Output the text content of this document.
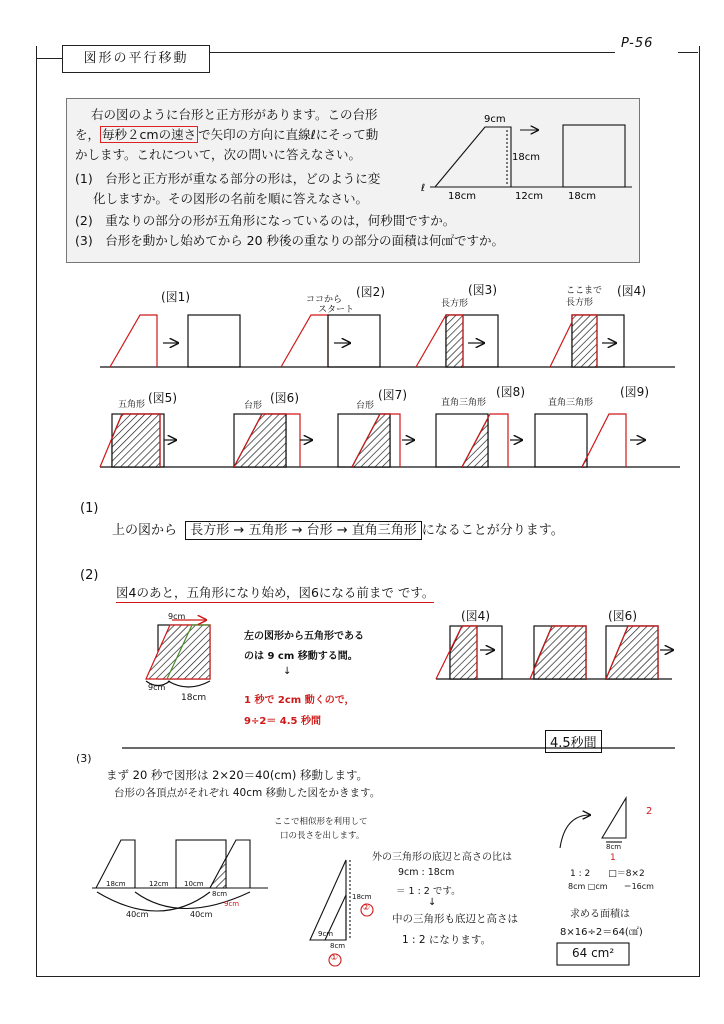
図形の平行移動
P-56
右の図のように台形と正方形があります。この台形
を， 毎秒２cmの速さ で矢印の方向に直線ℓにそって動
かします。これについて，次の問いに答えなさい。
(1)　台形と正方形が重なる部分の形は，どのように変
化しますか。その図形の名前を順に答えなさい。
(2)　重なりの部分の形が五角形になっているのは，何秒間ですか。
(3)　台形を動かし始めてから 20 秒後の重なりの部分の面積は何㎠ですか。
9cm
18cm
18cm	12cm	18cm
ℓ
(図1)	(図2)
ココから
スタート
(図3)
長方形
(図4)
ここまで
長方形
(図5)
五角形	(図6)
台形
(図7)
台形
(図8)
直角三角形
(図9)
直角三角形
(1)
上の図から 長方形 → 五角形 → 台形 → 直角三角形 になることが分ります。
(2)
図4のあと，五角形になり始め，図6になる前まで です。
左の図形から五角形である
のは 9 cm 移動する間。
↓
1 秒で 2cm 動くので，
9÷2＝ 4.5 秒間
(図4)	(図6)
9cm
9cm
18cm
4.5秒間
(3)
まず 20 秒で図形は 2×20＝40(cm) 移動します。
台形の各頂点がそれぞれ 40cm 移動した図をかきます。
ここで相似形を利用して
口の長さを出します。
外の三角形の底辺と高さの比は
9cm : 18cm
＝ 1 : 2 です。
↓
中の三角形も底辺と高さは
1 : 2 になります。
18cm	12cm 10cm
8cm
9cm
40cm	40cm
18cm
9cm
8cm
②
①
2
1
8cm
1 : 2　　□＝8×2
8cm □cm　　＝16cm
求める面積は
8×16÷2＝64(㎠)
64 cm²
